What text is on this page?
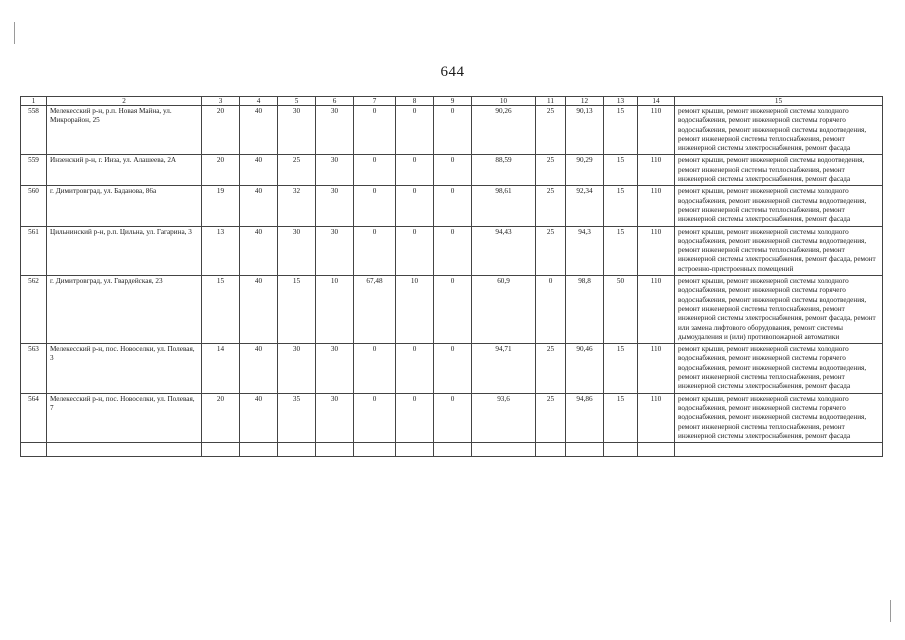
644
1	2	3	4	5	6	7	8	9	10	11	12	13	14	15
558	Мелекесский р-н, р.п. Новая Майна, ул. Микрорайон, 25	20	40	30	30	0	0	0	90,26	25	90,13	15	110	ремонт крыши, ремонт инженерной системы холодного водоснабжения, ремонт инженерной системы горячего водоснабжения, ремонт инженерной системы водоотведения, ремонт инженерной системы теплоснабжения, ремонт инженерной системы электроснабжения, ремонт фасада
559	Инзенский р-н, г. Инза, ул. Алашеева, 2А	20	40	25	30	0	0	0	88,59	25	90,29	15	110	ремонт крыши, ремонт инженерной системы водоотведения, ремонт инженерной системы теплоснабжения, ремонт инженерной системы электроснабжения, ремонт фасада
560	г. Димитровград, ул. Баданова, 86а	19	40	32	30	0	0	0	98,61	25	92,34	15	110	ремонт крыши, ремонт инженерной системы холодного водоснабжения, ремонт инженерной системы водоотведения, ремонт инженерной системы теплоснабжения, ремонт инженерной системы электроснабжения, ремонт фасада
561	Цильнинский р-н, р.п. Цильна, ул. Гагарина, 3	13	40	30	30	0	0	0	94,43	25	94,3	15	110	ремонт крыши, ремонт инженерной системы холодного водоснабжения, ремонт инженерной системы водоотведения, ремонт инженерной системы теплоснабжения, ремонт инженерной системы электроснабжения, ремонт фасада, ремонт встроенно-пристроенных помещений
562	г. Димитровград, ул. Гвардейская, 23	15	40	15	10	67,48	10	0	60,9	0	98,8	50	110	ремонт крыши, ремонт инженерной системы холодного водоснабжения, ремонт инженерной системы горячего водоснабжения, ремонт инженерной системы водоотведения, ремонт инженерной системы теплоснабжения, ремонт инженерной системы электроснабжения, ремонт фасада, ремонт или замена лифтового оборудования, ремонт системы дымоудаления и (или) противопожарной автоматики
563	Мелекесский р-н, пос. Новоселки, ул. Полевая, 3	14	40	30	30	0	0	0	94,71	25	90,46	15	110	ремонт крыши, ремонт инженерной системы холодного водоснабжения, ремонт инженерной системы горячего водоснабжения, ремонт инженерной системы водоотведения, ремонт инженерной системы теплоснабжения, ремонт инженерной системы электроснабжения, ремонт фасада
564	Мелекесский р-н, пос. Новоселки, ул. Полевая, 7	20	40	35	30	0	0	0	93,6	25	94,86	15	110	ремонт крыши, ремонт инженерной системы холодного водоснабжения, ремонт инженерной системы горячего водоснабжения, ремонт инженерной системы водоотведения, ремонт инженерной системы теплоснабжения, ремонт инженерной системы электроснабжения, ремонт фасада
